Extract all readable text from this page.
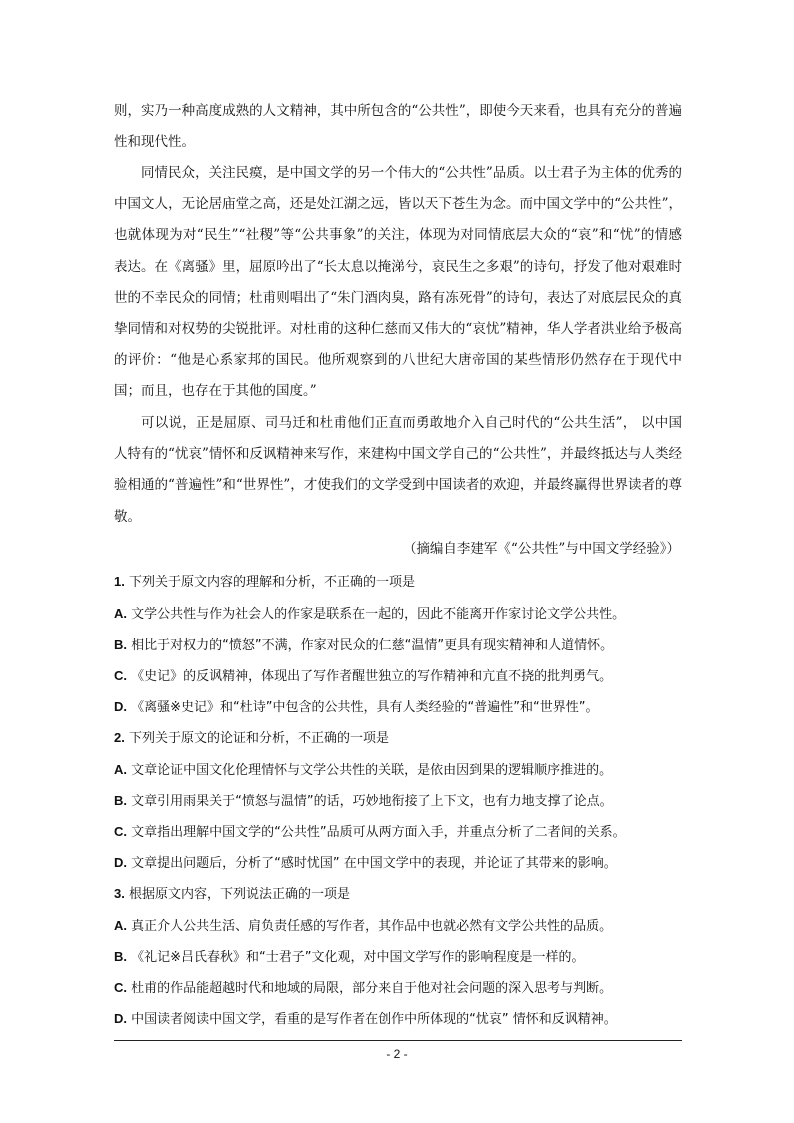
则，实乃一种高度成熟的人文精神，其中所包含的“公共性”，即使今天来看，也具有充分的普遍性和现代性。

同情民众，关注民瘼，是中国文学的另一个伟大的“公共性”品质。以士君子为主体的优秀的中国文人，无论居庙堂之高，还是处江湖之远，皆以天下苍生为念。而中国文学中的“公共性”，也就体现为对“民生”“社稷”等“公共事象”的关注，体现为对同情底层大众的“哀”和“忧”的情感表达。在《离骚》里，屈原吟出了“长太息以掩涕兮，哀民生之多艰”的诗句，抒发了他对艰难时世的不幸民众的同情；杜甫则唱出了“朱门酒肉臭，路有冻死骨”的诗句，表达了对底层民众的真挚同情和对权势的尖锐批评。对杜甫的这种仁慈而又伟大的“哀忧”精神，华人学者洪业给予极高的评价：“他是心系家邦的国民。他所观察到的八世纪大唐帝国的某些情形仍然存在于现代中国；而且，也存在于其他的国度。”

可以说，正是屈原、司马迁和杜甫他们正直而勇敢地介入自己时代的“公共生活”， 以中国人特有的“忧哀”情怀和反讽精神来写作，来建构中国文学自己的“公共性”，并最终抵达与人类经验相通的“普遍性”和“世界性”，才使我们的文学受到中国读者的欢迎，并最终赢得世界读者的尊敬。

（摘编自李建军《“公共性”与中国文学经验》）
1. 下列关于原文内容的理解和分析，不正确的一项是
A. 文学公共性与作为社会人的作家是联系在一起的，因此不能离开作家讨论文学公共性。
B. 相比于对权力的“愤怒”不满，作家对民众的仁慈“温情”更具有现实精神和人道情怀。
C. 《史记》的反讽精神，体现出了写作者醒世独立的写作精神和亢直不挠的批判勇气。
D. 《离骚※史记》和“杜诗”中包含的公共性，具有人类经验的“普遍性”和“世界性”。
2. 下列关于原文的论证和分析，不正确的一项是
A. 文章论证中国文化伦理情怀与文学公共性的关联，是依由因到果的逻辑顺序推进的。
B. 文章引用雨果关于“愤怒与温情”的话，巧妙地衔接了上下文，也有力地支撑了论点。
C. 文章指出理解中国文学的“公共性”品质可从两方面入手，并重点分析了二者间的关系。
D. 文章提出问题后，分析了“感时忧国” 在中国文学中的表现，并论证了其带来的影响。
3. 根据原文内容，下列说法正确的一项是
A. 真正介人公共生活、肩负责任感的写作者，其作品中也就必然有文学公共性的品质。
B. 《礼记※吕氏春秋》和“士君子”文化观，对中国文学写作的影响程度是一样的。
C. 杜甫的作品能超越时代和地域的局限，部分来自于他对社会问题的深入思考与判断。
D. 中国读者阅读中国文学，看重的是写作者在创作中所体现的“忧哀” 情怀和反讽精神。
- 2 -
